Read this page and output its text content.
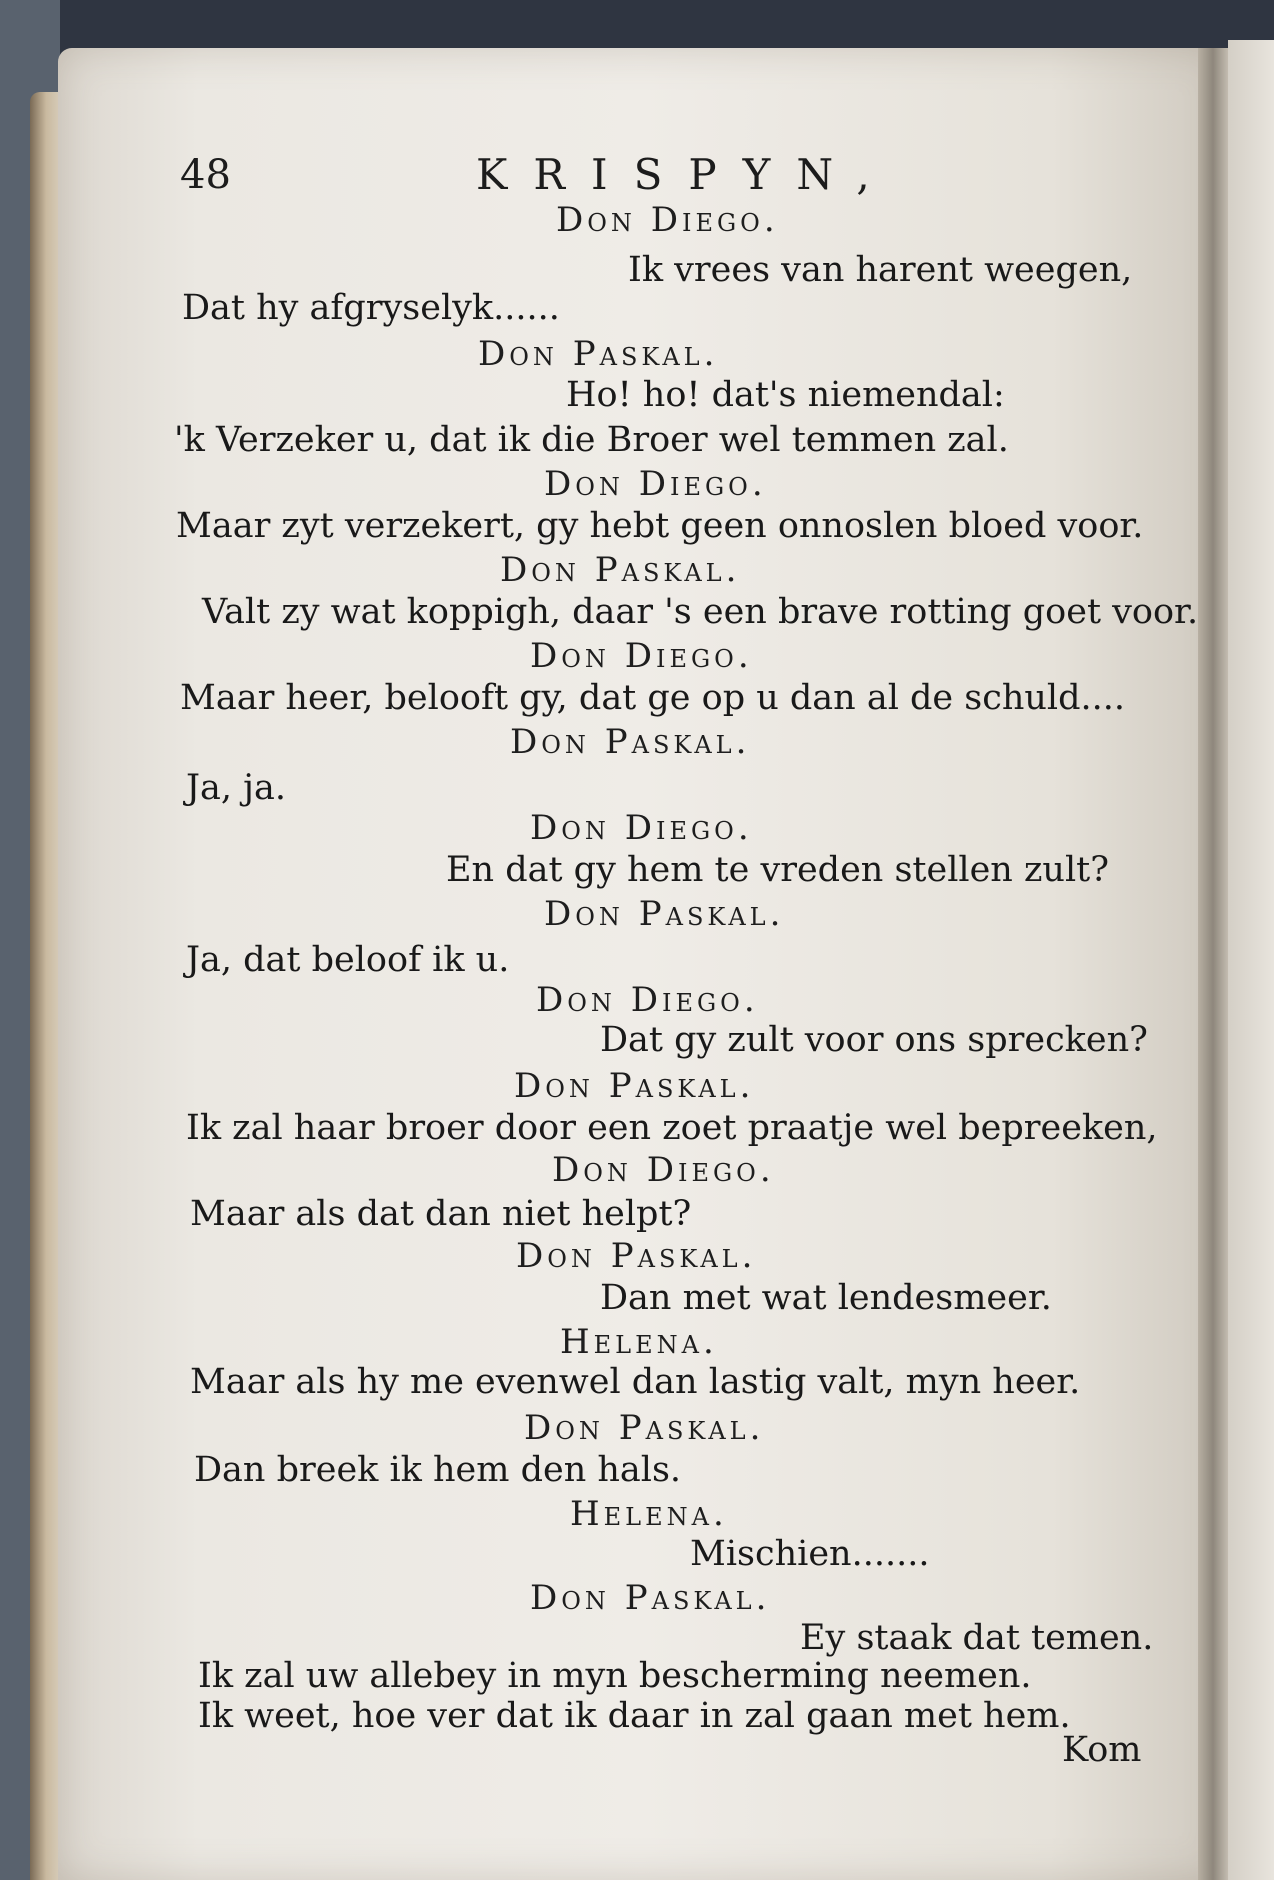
48	KRISPYN,
Don Diego.
Ik vrees van harent weegen,
Dat hy afgryselyk......
Don Paskal.
Ho! ho! dat's niemendal:
'k Verzeker u, dat ik die Broer wel temmen zal.
Don Diego.
Maar zyt verzekert, gy hebt geen onnoslen bloed voor.
Don Paskal.
Valt zy wat koppigh, daar 's een brave rotting goet voor.
Don Diego.
Maar heer, belooft gy, dat ge op u dan al de schuld....
Don Paskal.
Ja, ja.
Don Diego.
En dat gy hem te vreden stellen zult?
Don Paskal.
Ja, dat beloof ik u.
Don Diego.
Dat gy zult voor ons sprecken?
Don Paskal.
Ik zal haar broer door een zoet praatje wel bepreeken,
Don Diego.
Maar als dat dan niet helpt?
Don Paskal.
Dan met wat lendesmeer.
Helena.
Maar als hy me evenwel dan lastig valt, myn heer.
Don Paskal.
Dan breek ik hem den hals.
Helena.
Mischien.......
Don Paskal.
Ey staak dat temen.
Ik zal uw allebey in myn bescherming neemen.
Ik weet, hoe ver dat ik daar in zal gaan met hem.
Kom
